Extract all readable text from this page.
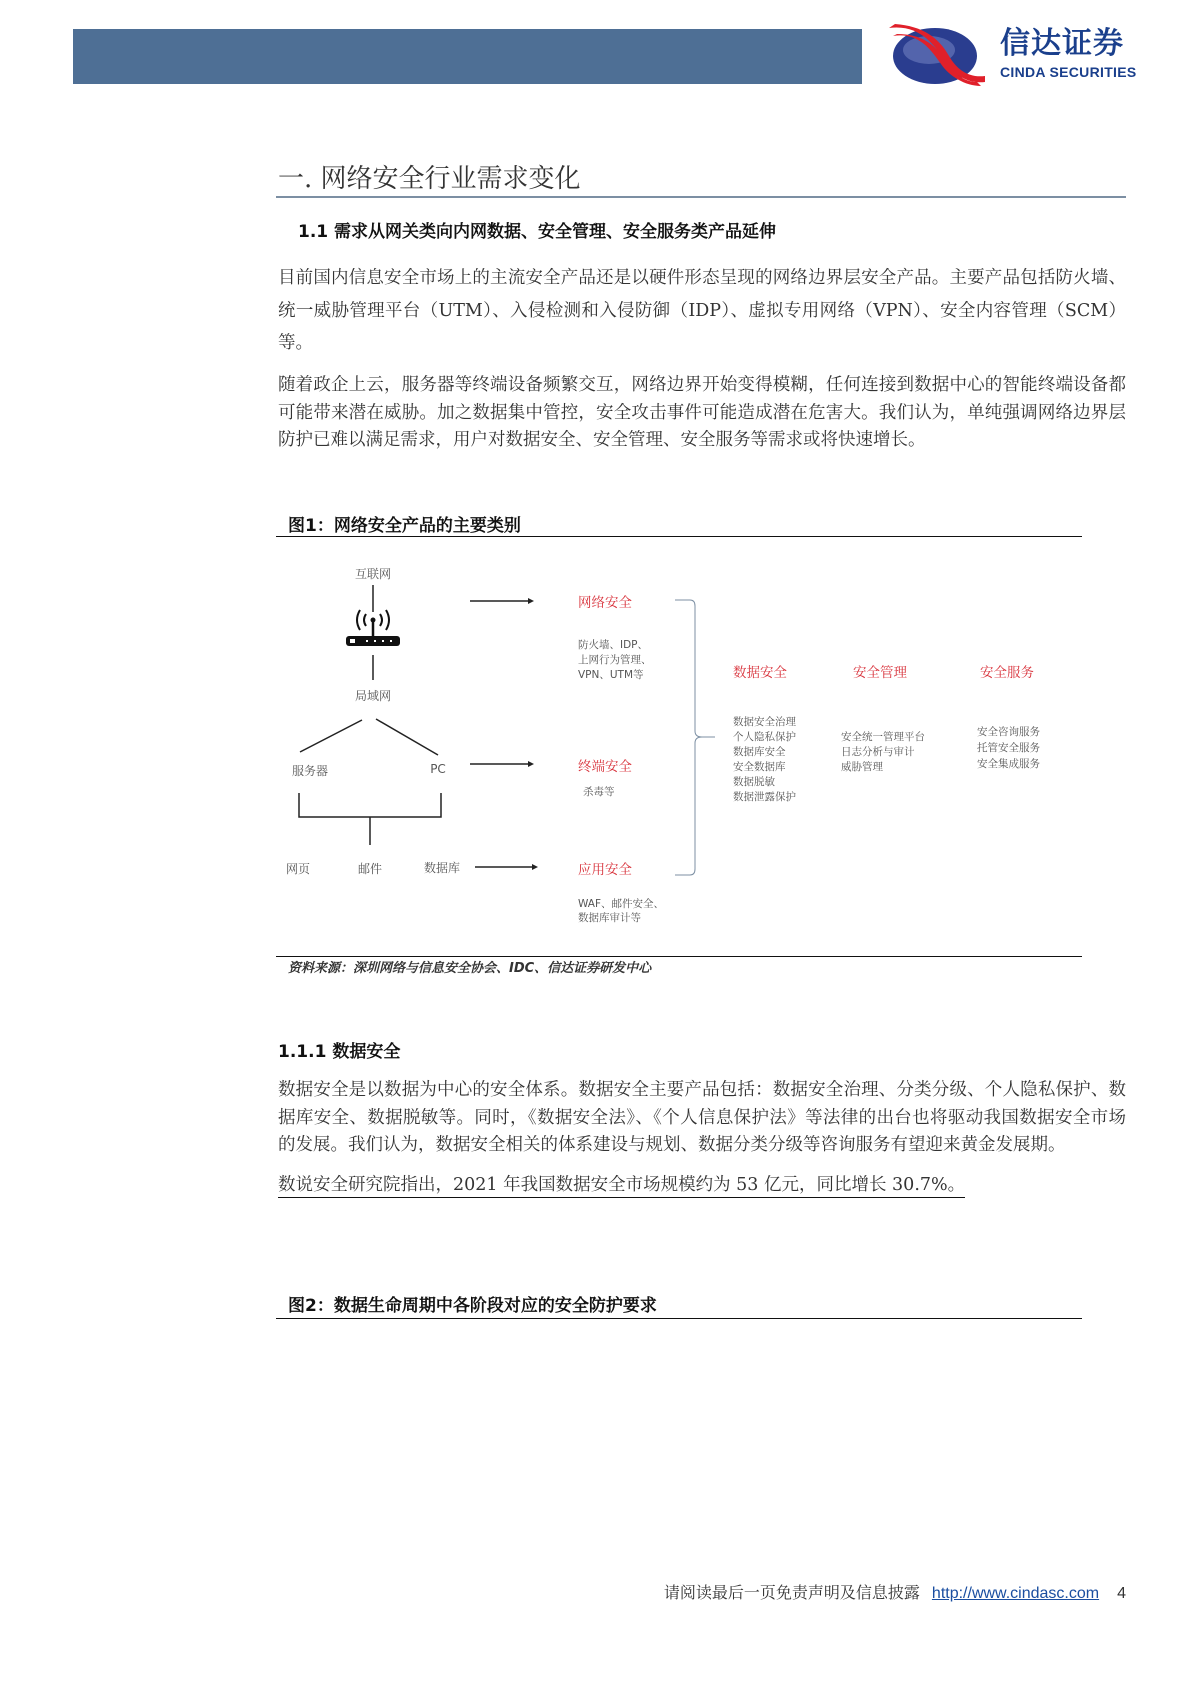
信达证券
CINDA SECURITIES
一. 网络安全行业需求变化
1.1 需求从网关类向内网数据、安全管理、安全服务类产品延伸

目前国内信息安全市场上的主流安全产品还是以硬件形态呈现的网络边界层安全产品。主要产品包括防火墙、统一威胁管理平台（UTM）、入侵检测和入侵防御（IDP）、虚拟专用网络（VPN）、安全内容管理（SCM）等。

随着政企上云，服务器等终端设备频繁交互，网络边界开始变得模糊，任何连接到数据中心的智能终端设备都可能带来潜在威胁。加之数据集中管控，安全攻击事件可能造成潜在危害大。我们认为，单纯强调网络边界层防护已难以满足需求，用户对数据安全、安全管理、安全服务等需求或将快速增长。

图1：网络安全产品的主要类别
互联网
局域网
服务器	PC
网页	邮件	数据库
网络安全
防火墙、IDP、
上网行为管理、
VPN、UTM等
终端安全
杀毒等
应用安全
WAF、邮件安全、
数据库审计等
数据安全
数据安全治理
个人隐私保护
数据库安全
安全数据库
数据脱敏
数据泄露保护
安全管理
安全统一管理平台
日志分析与审计
威胁管理
安全服务
安全咨询服务
托管安全服务
安全集成服务
资料来源：深圳网络与信息安全协会、IDC、信达证券研发中心
1.1.1 数据安全

数据安全是以数据为中心的安全体系。数据安全主要产品包括：数据安全治理、分类分级、个人隐私保护、数据库安全、数据脱敏等。同时，《数据安全法》、《个人信息保护法》等法律的出台也将驱动我国数据安全市场的发展。我们认为，数据安全相关的体系建设与规划、数据分类分级等咨询服务有望迎来黄金发展期。

数说安全研究院指出，2021 年我国数据安全市场规模约为 53 亿元，同比增长 30.7%。

图2：数据生命周期中各阶段对应的安全防护要求
请阅读最后一页免责声明及信息披露 http://www.cindasc.com 4
